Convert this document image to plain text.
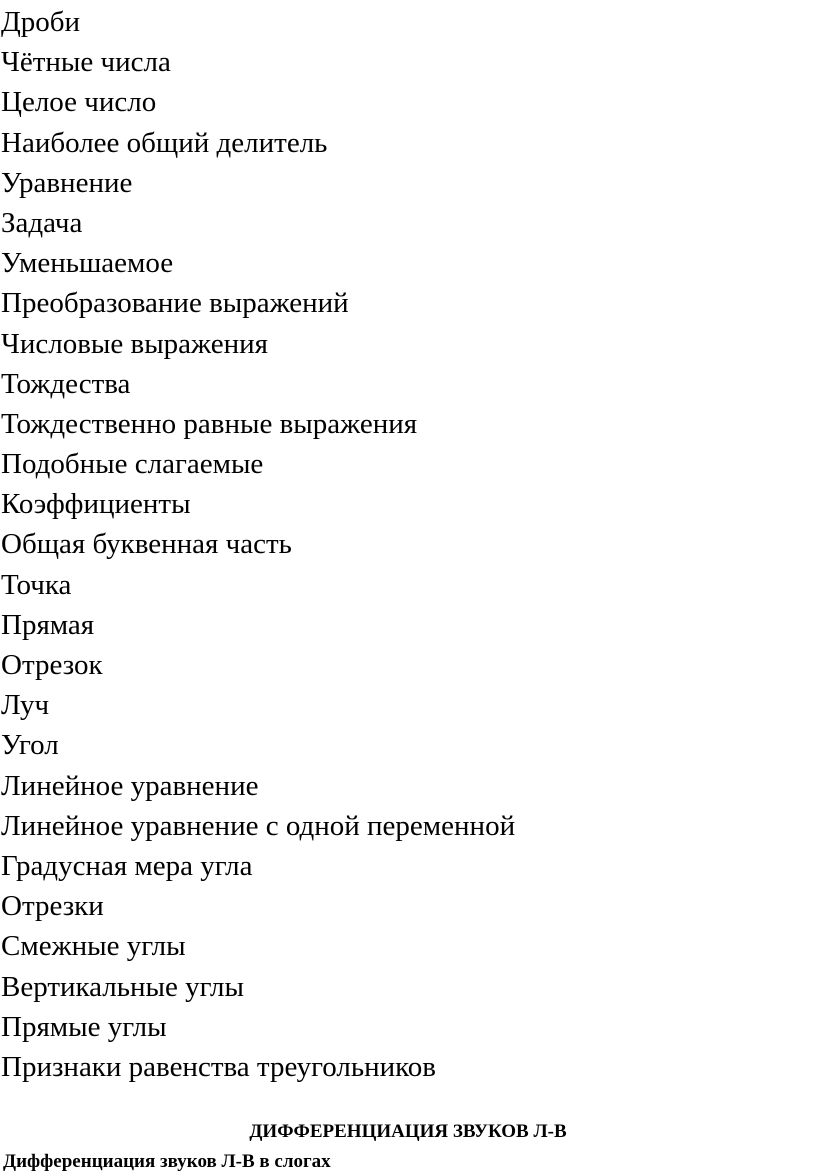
Дроби
Чётные числа
Целое число
Наиболее общий делитель
Уравнение
Задача
Уменьшаемое
Преобразование выражений
Числовые выражения
Тождества
Тождественно равные выражения
Подобные слагаемые
Коэффициенты
Общая буквенная часть
Точка
Прямая
Отрезок
Луч
Угол
Линейное уравнение
Линейное уравнение с одной переменной
Градусная мера угла
Отрезки
Смежные углы
Вертикальные углы
Прямые углы
Признаки равенства треугольников
ДИФФЕРЕНЦИАЦИЯ ЗВУКОВ Л-В
Дифференциация звуков Л-В в слогах
